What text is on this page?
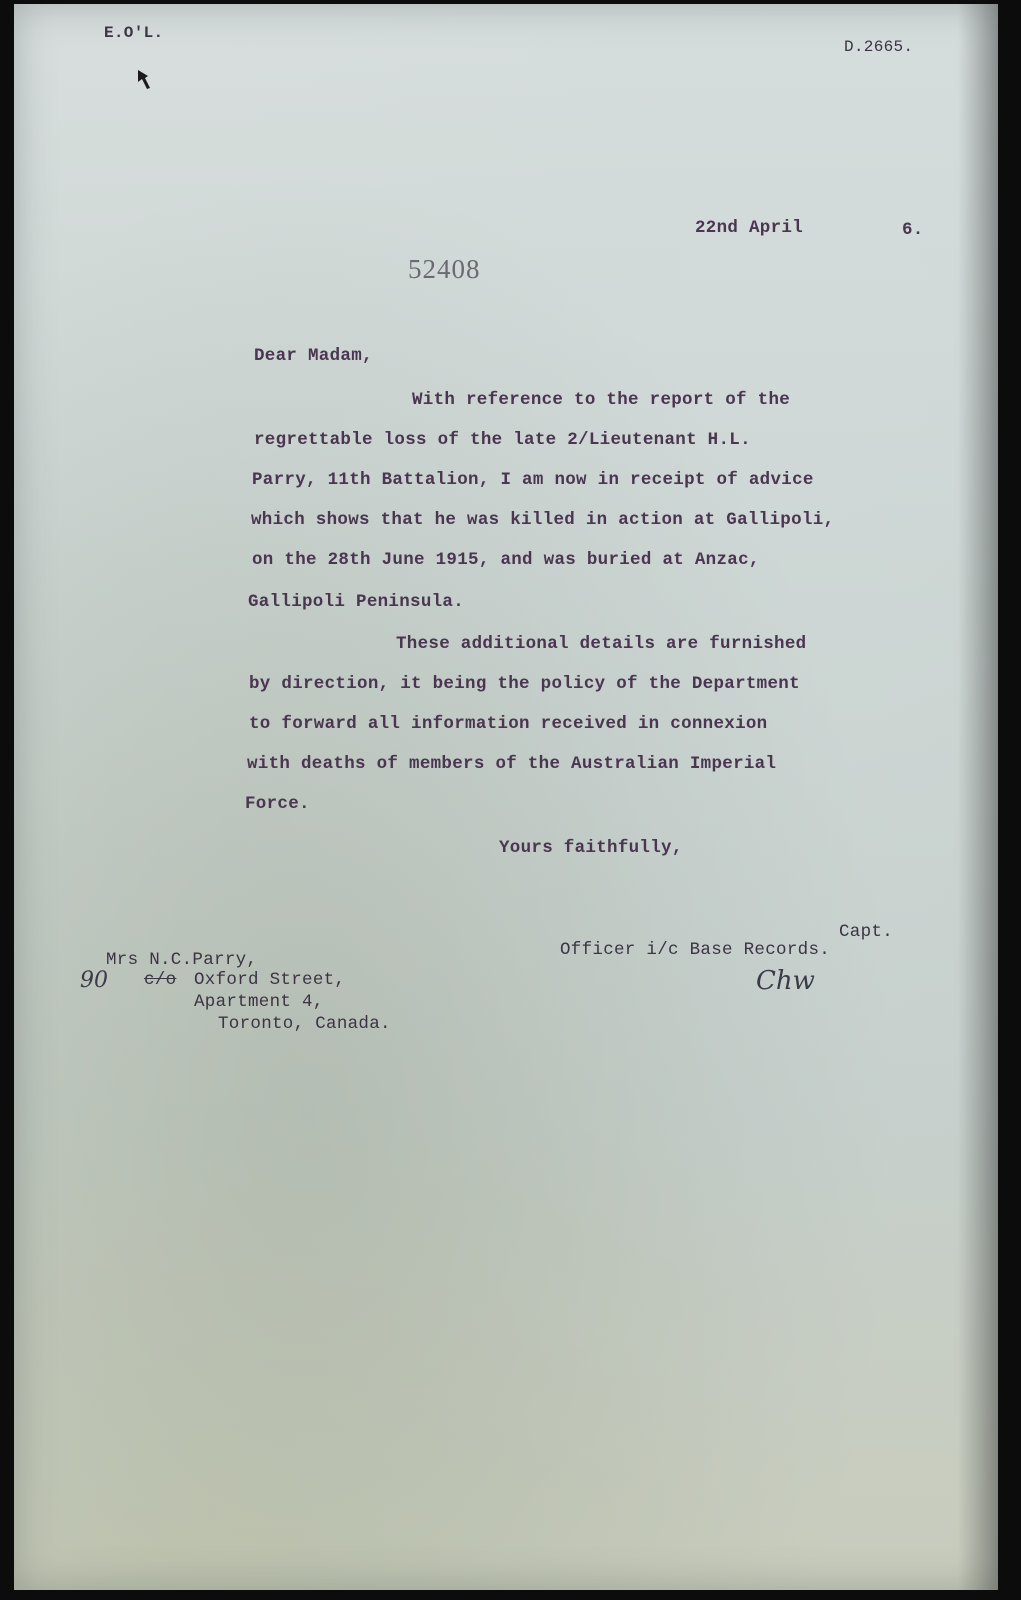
E.O'L.
D.2665.
22nd April	6.
52408
Dear Madam,
With reference to the report of the
regrettable loss of the late 2/Lieutenant H.L.
Parry, 11th Battalion, I am now in receipt of advice
which shows that he was killed in action at Gallipoli,
on the 28th June 1915, and was buried at Anzac,
Gallipoli Peninsula.
These additional details are furnished
by direction, it being the policy of the Department
to forward all information received in connexion
with deaths of members of the Australian Imperial
Force.
Yours faithfully,
Capt.
Officer i/c Base Records.
Chw
Mrs N.C.Parry,
90 c/o Oxford Street,
Apartment 4,
Toronto, Canada.
